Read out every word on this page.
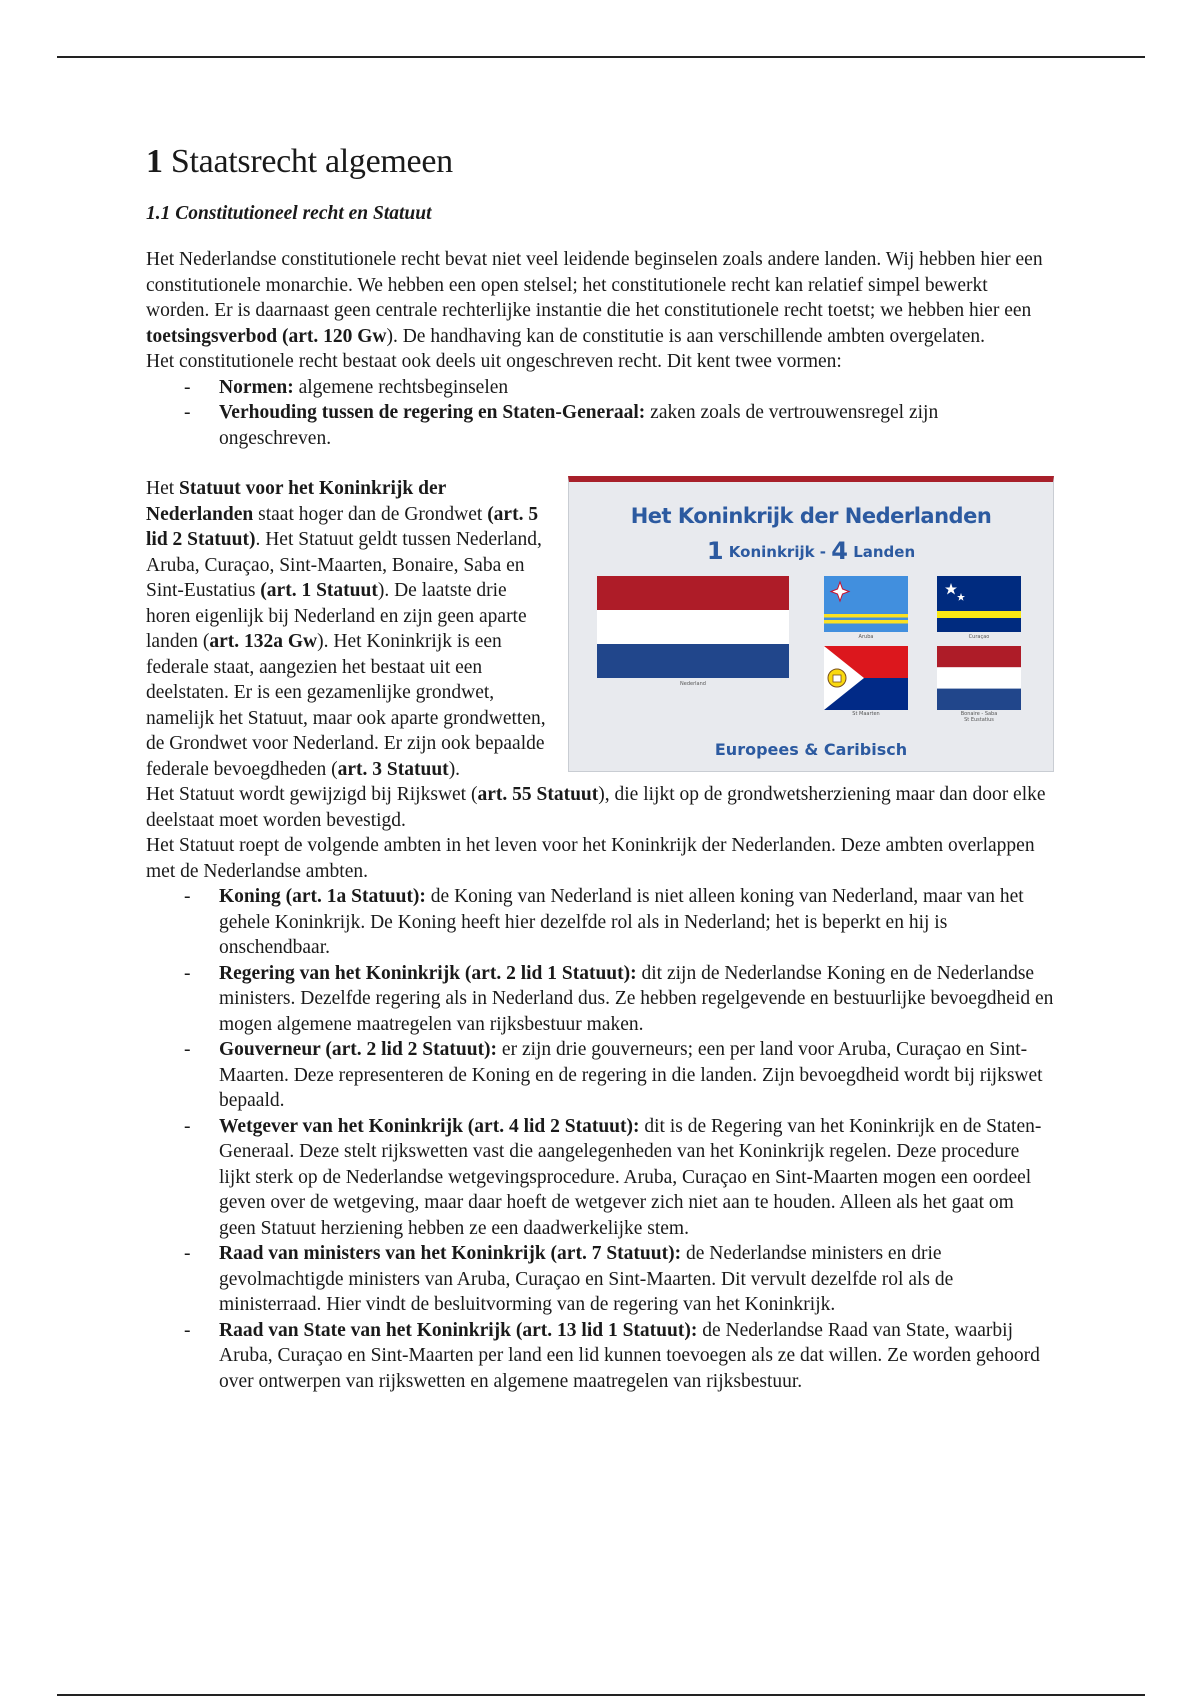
1 Staatsrecht algemeen
1.1 Constitutioneel recht en Statuut

Het Nederlandse constitutionele recht bevat niet veel leidende beginselen zoals andere landen. Wij hebben hier een constitutionele monarchie. We hebben een open stelsel; het constitutionele recht kan relatief simpel bewerkt worden. Er is daarnaast geen centrale rechterlijke instantie die het constitutionele recht toetst; we hebben hier een toetsingsverbod (art. 120 Gw). De handhaving kan de constitutie is aan verschillende ambten overgelaten.

Het constitutionele recht bestaat ook deels uit ongeschreven recht. Dit kent twee vormen:

- Normen: algemene rechtsbeginselen
- Verhouding tussen de regering en Staten-Generaal: zaken zoals de vertrouwensregel zijn ongeschreven.
Het Koninkrijk der Nederlanden
1 Koninkrijk - 4 Landen
Nederland
Aruba	Curaçao
St Maarten	Bonaire - Saba
St Eustatius
Europees & Caribisch

Het Statuut voor het Koninkrijk der Nederlanden staat hoger dan de Grondwet (art. 5 lid 2 Statuut). Het Statuut geldt tussen Nederland, Aruba, Curaçao, Sint-Maarten, Bonaire, Saba en Sint-Eustatius (art. 1 Statuut). De laatste drie horen eigenlijk bij Nederland en zijn geen aparte landen (art. 132a Gw). Het Koninkrijk is een federale staat, aangezien het bestaat uit een deelstaten. Er is een gezamenlijke grondwet, namelijk het Statuut, maar ook aparte grondwetten, de Grondwet voor Nederland. Er zijn ook bepaalde federale bevoegdheden (art. 3 Statuut).

Het Statuut wordt gewijzigd bij Rijkswet (art. 55 Statuut), die lijkt op de grondwetsherziening maar dan door elke deelstaat moet worden bevestigd.

Het Statuut roept de volgende ambten in het leven voor het Koninkrijk der Nederlanden. Deze ambten overlappen met de Nederlandse ambten.

- Koning (art. 1a Statuut): de Koning van Nederland is niet alleen koning van Nederland, maar van het gehele Koninkrijk. De Koning heeft hier dezelfde rol als in Nederland; het is beperkt en hij is onschendbaar.
- Regering van het Koninkrijk (art. 2 lid 1 Statuut): dit zijn de Nederlandse Koning en de Nederlandse ministers. Dezelfde regering als in Nederland dus. Ze hebben regelgevende en bestuurlijke bevoegdheid en mogen algemene maatregelen van rijksbestuur maken.
- Gouverneur (art. 2 lid 2 Statuut): er zijn drie gouverneurs; een per land voor Aruba, Curaçao en Sint-Maarten. Deze representeren de Koning en de regering in die landen. Zijn bevoegdheid wordt bij rijkswet bepaald.
- Wetgever van het Koninkrijk (art. 4 lid 2 Statuut): dit is de Regering van het Koninkrijk en de Staten-Generaal. Deze stelt rijkswetten vast die aangelegenheden van het Koninkrijk regelen. Deze procedure lijkt sterk op de Nederlandse wetgevingsprocedure. Aruba, Curaçao en Sint-Maarten mogen een oordeel geven over de wetgeving, maar daar hoeft de wetgever zich niet aan te houden. Alleen als het gaat om geen Statuut herziening hebben ze een daadwerkelijke stem.
- Raad van ministers van het Koninkrijk (art. 7 Statuut): de Nederlandse ministers en drie gevolmachtigde ministers van Aruba, Curaçao en Sint-Maarten. Dit vervult dezelfde rol als de ministerraad. Hier vindt de besluitvorming van de regering van het Koninkrijk.
- Raad van State van het Koninkrijk (art. 13 lid 1 Statuut): de Nederlandse Raad van State, waarbij Aruba, Curaçao en Sint-Maarten per land een lid kunnen toevoegen als ze dat willen. Ze worden gehoord over ontwerpen van rijkswetten en algemene maatregelen van rijksbestuur.
